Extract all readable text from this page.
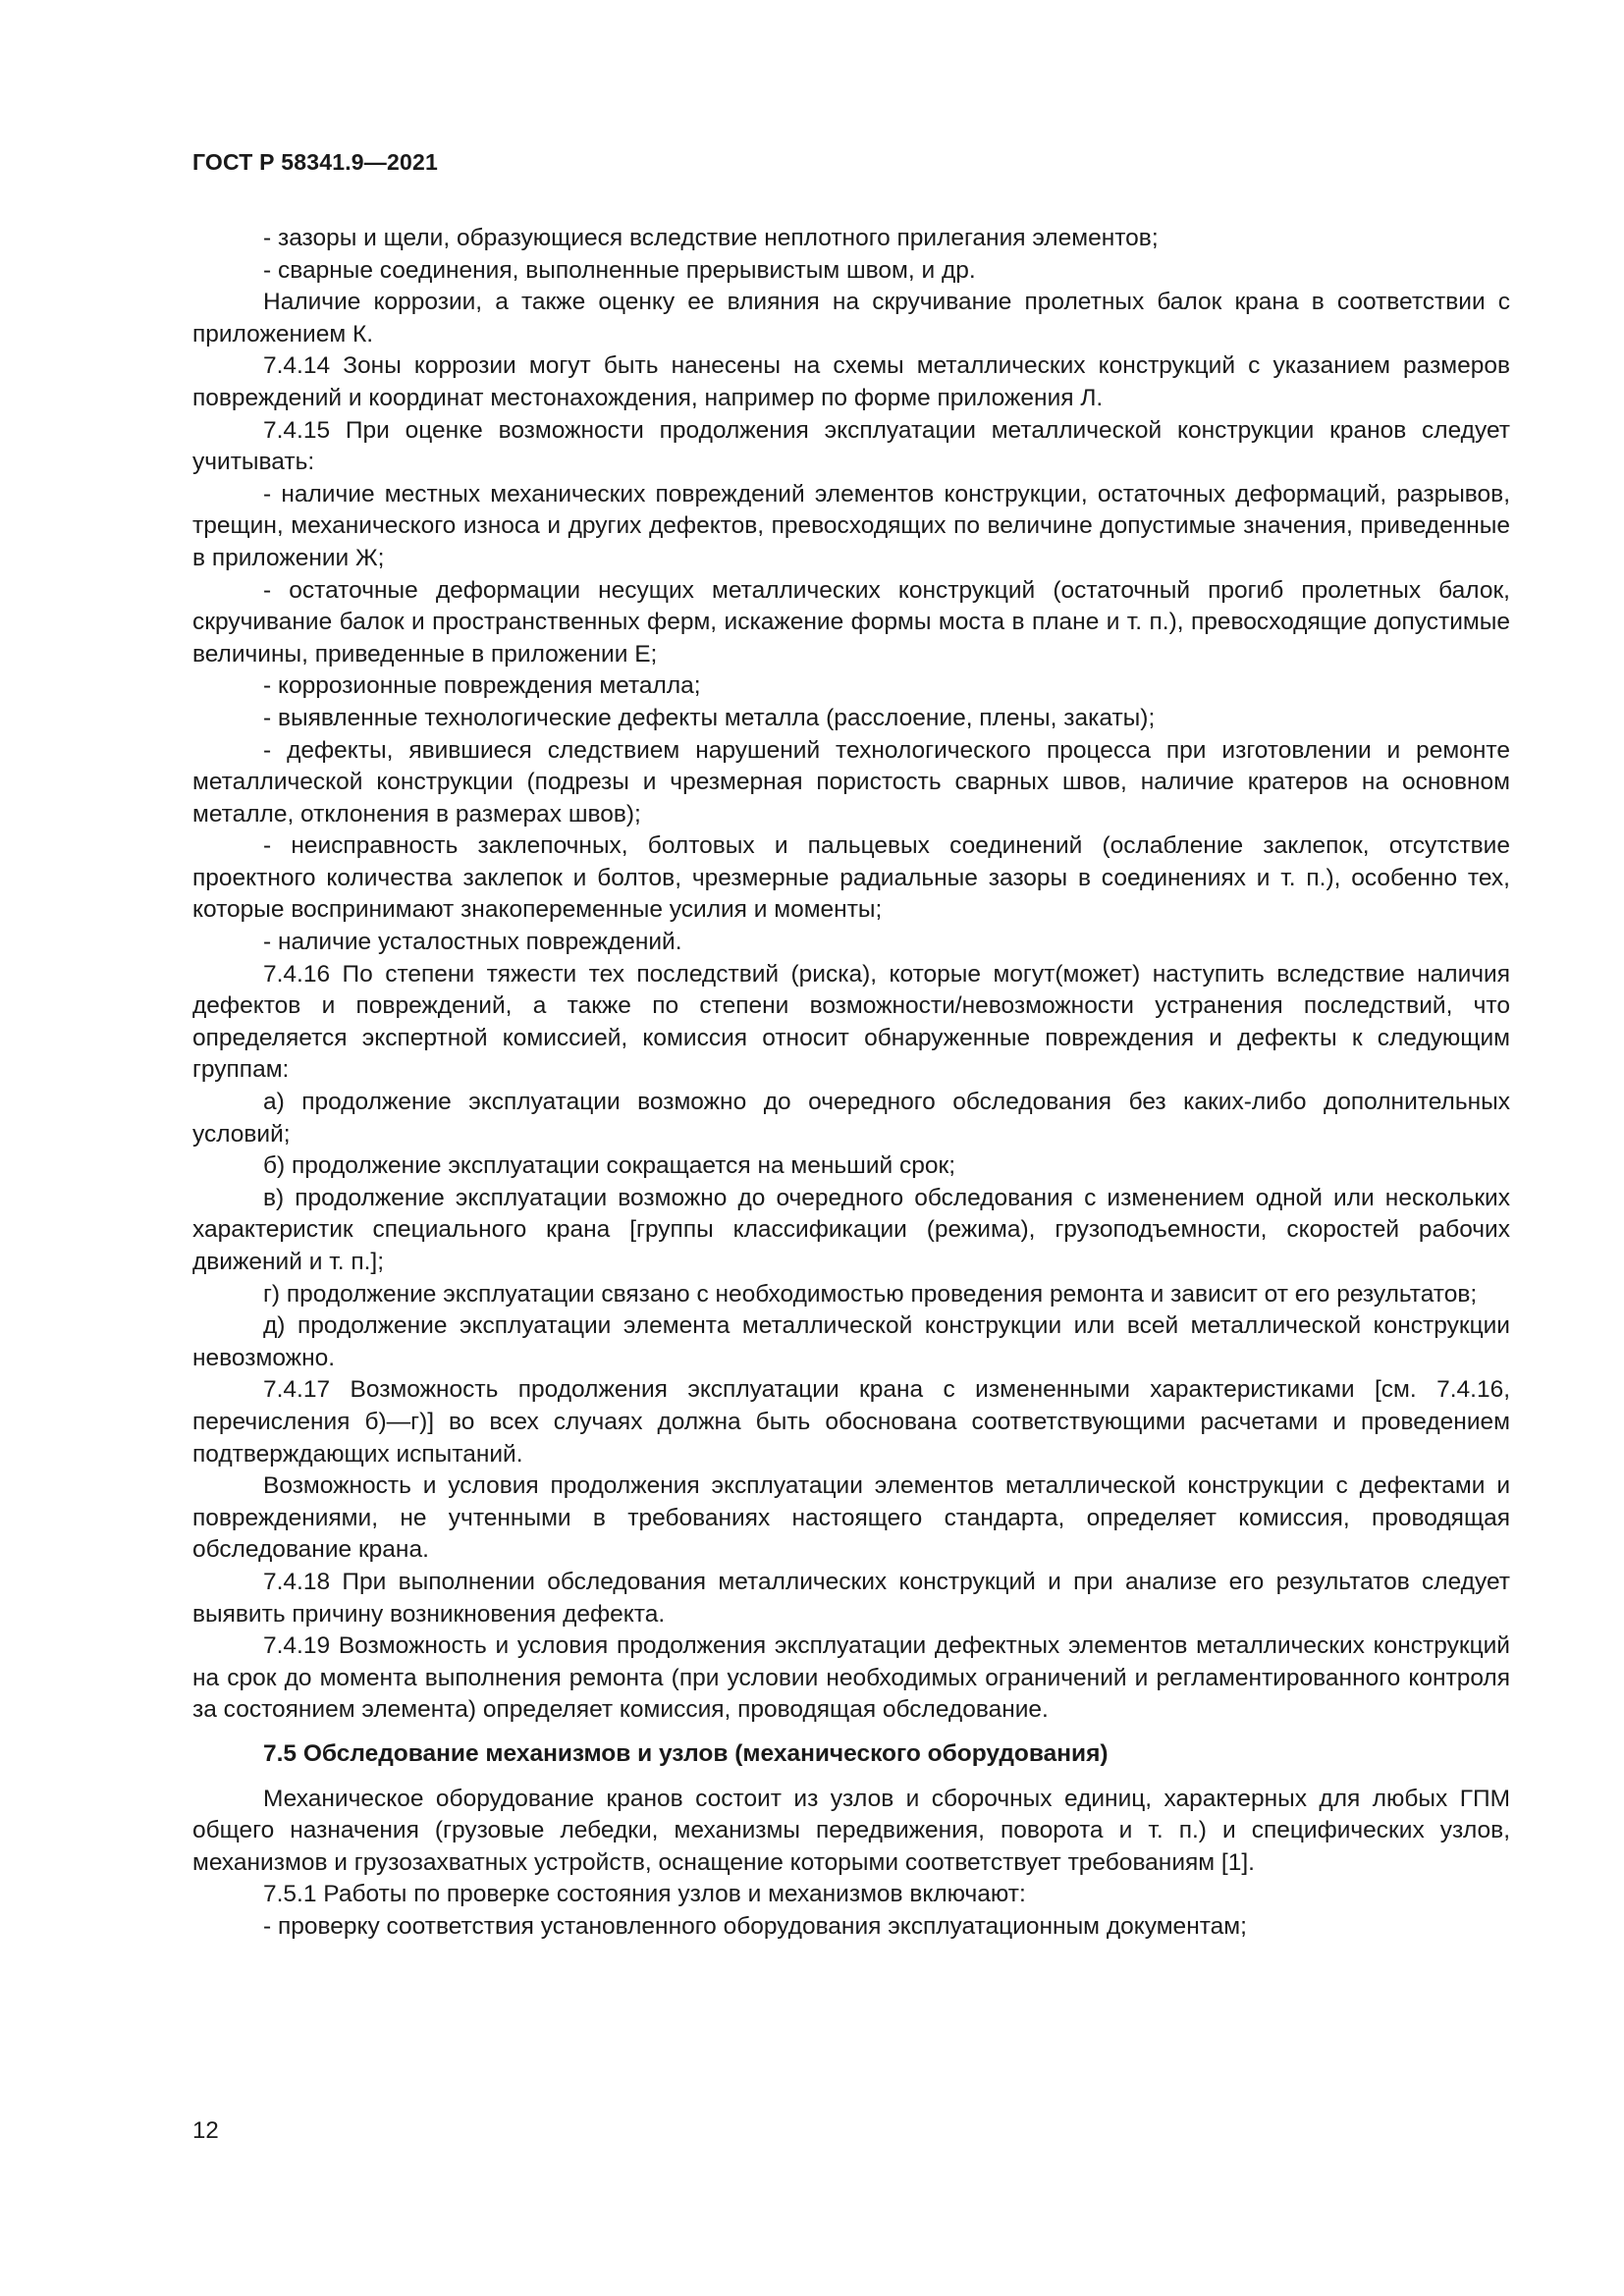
ГОСТ Р 58341.9—2021

- зазоры и щели, образующиеся вследствие неплотного прилегания элементов;

- сварные соединения, выполненные прерывистым швом, и др.

Наличие коррозии, а также оценку ее влияния на скручивание пролетных балок крана в соответствии с приложением К.

7.4.14 Зоны коррозии могут быть нанесены на схемы металлических конструкций с указанием размеров повреждений и координат местонахождения, например по форме приложения Л.

7.4.15 При оценке возможности продолжения эксплуатации металлической конструкции кранов следует учитывать:

- наличие местных механических повреждений элементов конструкции, остаточных деформаций, разрывов, трещин, механического износа и других дефектов, превосходящих по величине допустимые значения, приведенные в приложении Ж;

- остаточные деформации несущих металлических конструкций (остаточный прогиб пролетных балок, скручивание балок и пространственных ферм, искажение формы моста в плане и т. п.), превосходящие допустимые величины, приведенные в приложении Е;

- коррозионные повреждения металла;

- выявленные технологические дефекты металла (расслоение, плены, закаты);

- дефекты, явившиеся следствием нарушений технологического процесса при изготовлении и ремонте металлической конструкции (подрезы и чрезмерная пористость сварных швов, наличие кратеров на основном металле, отклонения в размерах швов);

- неисправность заклепочных, болтовых и пальцевых соединений (ослабление заклепок, отсутствие проектного количества заклепок и болтов, чрезмерные радиальные зазоры в соединениях и т. п.), особенно тех, которые воспринимают знакопеременные усилия и моменты;

- наличие усталостных повреждений.

7.4.16 По степени тяжести тех последствий (риска), которые могут(может) наступить вследствие наличия дефектов и повреждений, а также по степени возможности/невозможности устранения последствий, что определяется экспертной комиссией, комиссия относит обнаруженные повреждения и дефекты к следующим группам:

а) продолжение эксплуатации возможно до очередного обследования без каких-либо дополнительных условий;

б) продолжение эксплуатации сокращается на меньший срок;

в) продолжение эксплуатации возможно до очередного обследования с изменением одной или нескольких характеристик специального крана [группы классификации (режима), грузоподъемности, скоростей рабочих движений и т. п.];

г) продолжение эксплуатации связано с необходимостью проведения ремонта и зависит от его результатов;

д) продолжение эксплуатации элемента металлической конструкции или всей металлической конструкции невозможно.

7.4.17 Возможность продолжения эксплуатации крана с измененными характеристиками [см. 7.4.16, перечисления б)—г)] во всех случаях должна быть обоснована соответствующими расчетами и проведением подтверждающих испытаний.

Возможность и условия продолжения эксплуатации элементов металлической конструкции с дефектами и повреждениями, не учтенными в требованиях настоящего стандарта, определяет комиссия, проводящая обследование крана.

7.4.18 При выполнении обследования металлических конструкций и при анализе его результатов следует выявить причину возникновения дефекта.

7.4.19 Возможность и условия продолжения эксплуатации дефектных элементов металлических конструкций на срок до момента выполнения ремонта (при условии необходимых ограничений и регламентированного контроля за состоянием элемента) определяет комиссия, проводящая обследование.

7.5 Обследование механизмов и узлов (механического оборудования)

Механическое оборудование кранов состоит из узлов и сборочных единиц, характерных для любых ГПМ общего назначения (грузовые лебедки, механизмы передвижения, поворота и т. п.) и специфических узлов, механизмов и грузозахватных устройств, оснащение которыми соответствует требованиям [1].

7.5.1 Работы по проверке состояния узлов и механизмов включают:

- проверку соответствия установленного оборудования эксплуатационным документам;

12
